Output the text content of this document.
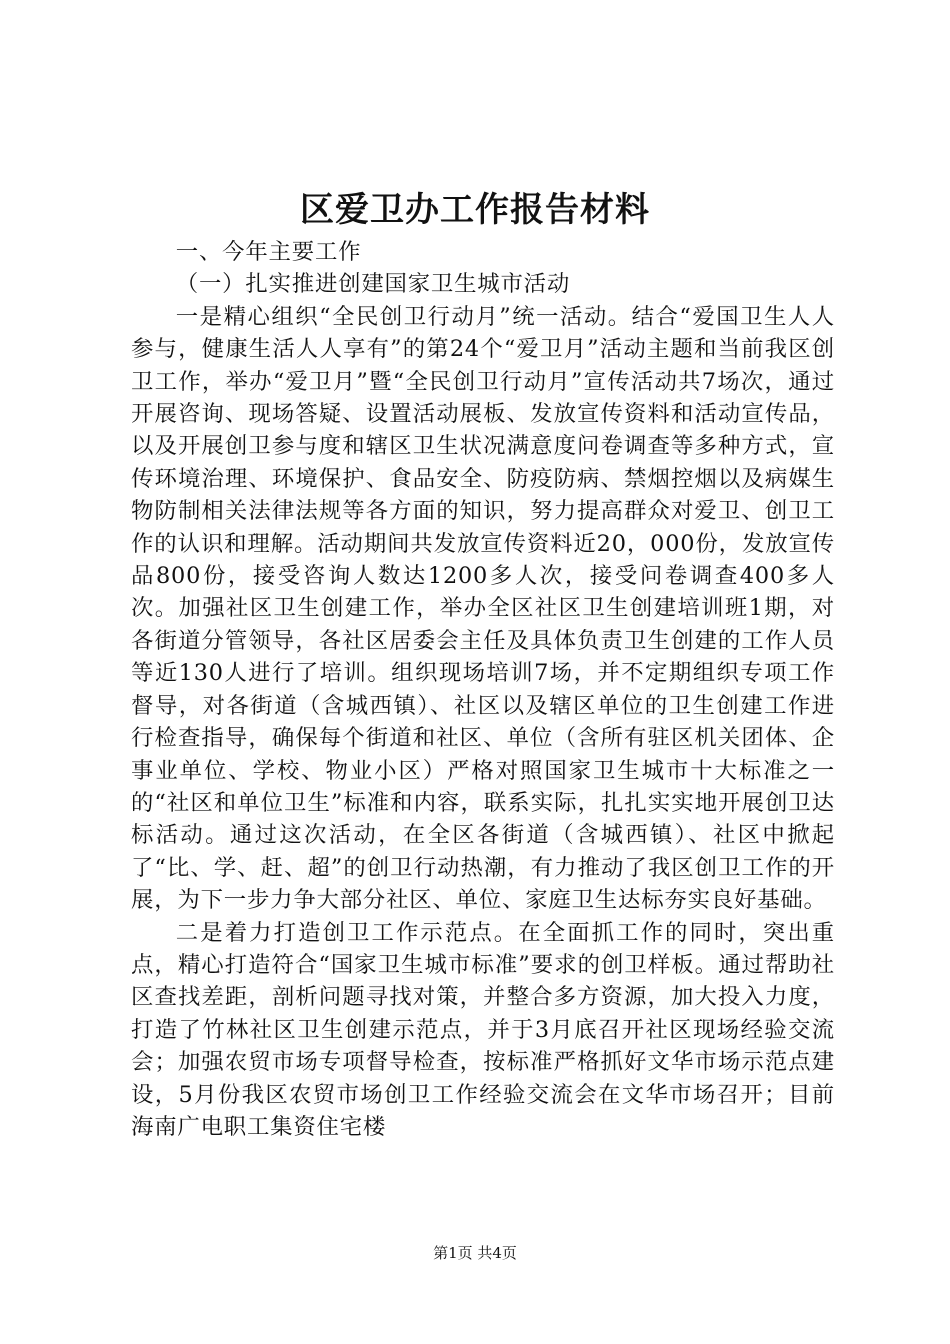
区爱卫办工作报告材料

一、今年主要工作

（一）扎实推进创建国家卫生城市活动

一是精心组织“全民创卫行动月”统一活动。结合“爱国卫生人人参与，健康生活人人享有”的第24个“爱卫月”活动主题和当前我区创卫工作，举办“爱卫月”暨“全民创卫行动月”宣传活动共7场次，通过开展咨询、现场答疑、设置活动展板、发放宣传资料和活动宣传品，以及开展创卫参与度和辖区卫生状况满意度问卷调查等多种方式，宣传环境治理、环境保护、食品安全、防疫防病、禁烟控烟以及病媒生物防制相关法律法规等各方面的知识，努力提高群众对爱卫、创卫工作的认识和理解。活动期间共发放宣传资料近20，000份，发放宣传品800份，接受咨询人数达1200多人次，接受问卷调查400多人次。加强社区卫生创建工作，举办全区社区卫生创建培训班1期，对各街道分管领导，各社区居委会主任及具体负责卫生创建的工作人员等近130人进行了培训。组织现场培训7场，并不定期组织专项工作督导，对各街道（含城西镇）、社区以及辖区单位的卫生创建工作进行检查指导，确保每个街道和社区、单位（含所有驻区机关团体、企事业单位、学校、物业小区）严格对照国家卫生城市十大标准之一的“社区和单位卫生”标准和内容，联系实际，扎扎实实地开展创卫达标活动。通过这次活动，在全区各街道（含城西镇）、社区中掀起了“比、学、赶、超”的创卫行动热潮，有力推动了我区创卫工作的开展，为下一步力争大部分社区、单位、家庭卫生达标夯实良好基础。

二是着力打造创卫工作示范点。在全面抓工作的同时，突出重点，精心打造符合“国家卫生城市标准”要求的创卫样板。通过帮助社区查找差距，剖析问题寻找对策，并整合多方资源，加大投入力度，打造了竹林社区卫生创建示范点，并于3月底召开社区现场经验交流会；加强农贸市场专项督导检查，按标准严格抓好文华市场示范点建设，5月份我区农贸市场创卫工作经验交流会在文华市场召开；目前海南广电职工集资住宅楼

第1页 共4页
